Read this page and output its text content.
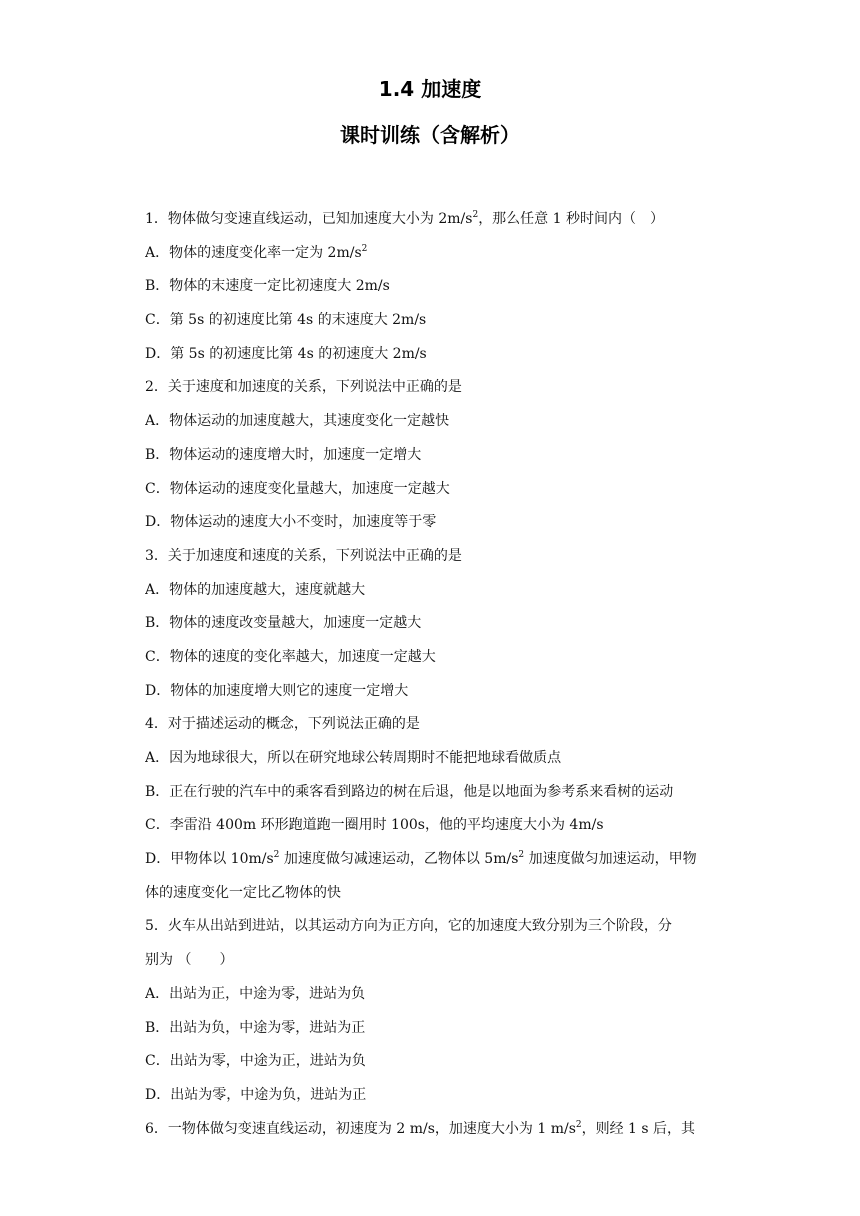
1.4 加速度
课时训练（含解析）
1．物体做匀变速直线运动，已知加速度大小为 $2m/s^2$，那么任意 1 秒时间内（　）
A．物体的速度变化率一定为 $2m/s^2$
B．物体的末速度一定比初速度大 2m/s
C．第 5s 的初速度比第 4s 的末速度大 2m/s
D．第 5s 的初速度比第 4s 的初速度大 2m/s
2．关于速度和加速度的关系，下列说法中正确的是
A．物体运动的加速度越大，其速度变化一定越快
B．物体运动的速度增大时，加速度一定增大
C．物体运动的速度变化量越大，加速度一定越大
D．物体运动的速度大小不变时，加速度等于零
3．关于加速度和速度的关系，下列说法中正确的是
A．物体的加速度越大，速度就越大
B．物体的速度改变量越大，加速度一定越大
C．物体的速度的变化率越大，加速度一定越大
D．物体的加速度增大则它的速度一定增大
4．对于描述运动的概念，下列说法正确的是
A．因为地球很大，所以在研究地球公转周期时不能把地球看做质点
B．正在行驶的汽车中的乘客看到路边的树在后退，他是以地面为参考系来看树的运动
C．李雷沿 400m 环形跑道跑一圈用时 100s，他的平均速度大小为 4m/s
D．甲物体以 $10m/s^2$ 加速度做匀减速运动，乙物体以 $5m/s^2$ 加速度做匀加速运动，甲物
体的速度变化一定比乙物体的快
5．火车从出站到进站，以其运动方向为正方向，它的加速度大致分别为三个阶段，分
别为 （　　）
A．出站为正，中途为零，进站为负
B．出站为负，中途为零，进站为正
C．出站为零，中途为正，进站为负
D．出站为零，中途为负，进站为正
6．一物体做匀变速直线运动，初速度为 2 m/s，加速度大小为 1 $m/s^2$，则经 1 s 后，其
